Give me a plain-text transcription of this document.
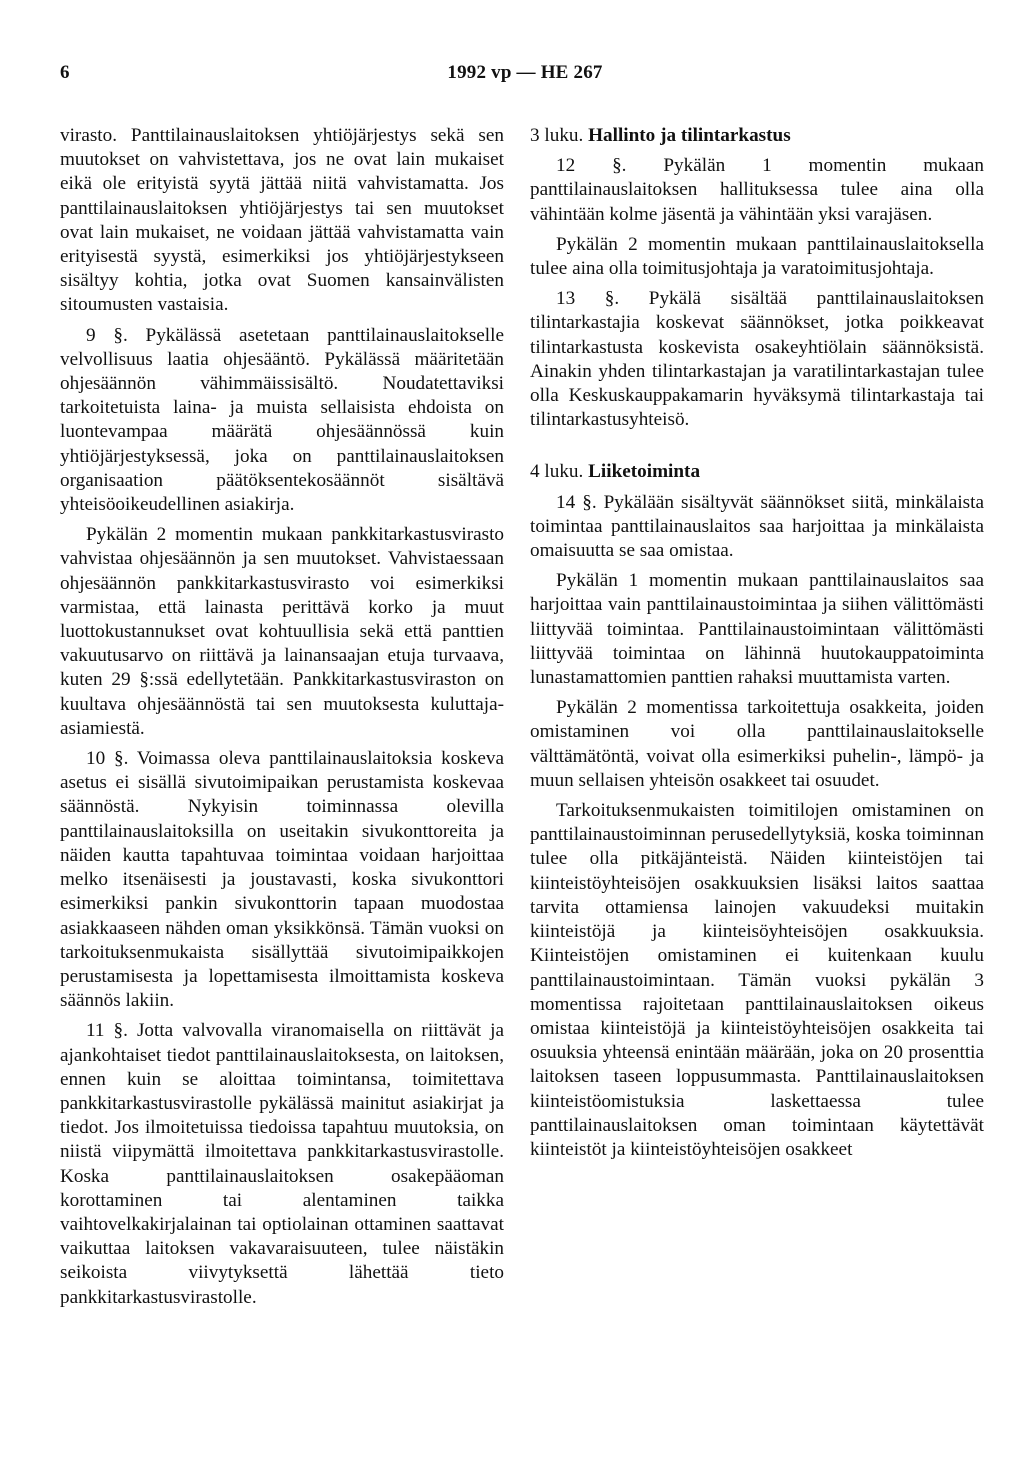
6	1992 vp — HE 267

virasto. Panttilainauslaitoksen yhtiöjärjestys sekä sen muutokset on vahvistettava, jos ne ovat lain mukaiset eikä ole erityistä syytä jättää niitä vahvistamatta. Jos panttilainauslaitoksen yhtiöjärjestys tai sen muutokset ovat lain mukaiset, ne voidaan jättää vahvistamatta vain erityisestä syystä, esimerkiksi jos yhtiöjärjestykseen sisältyy kohtia, jotka ovat Suomen kansainvälisten sitoumusten vastaisia.

9 §. Pykälässä asetetaan panttilainauslaitokselle velvollisuus laatia ohjesääntö. Pykälässä määritetään ohjesäännön vähimmäissisältö. Noudatettaviksi tarkoitetuista laina- ja muista sellaisista ehdoista on luontevampaa määrätä ohjesäännössä kuin yhtiöjärjestyksessä, joka on panttilainauslaitoksen organisaation päätöksentekosäännöt sisältävä yhteisöoikeudellinen asiakirja.

Pykälän 2 momentin mukaan pankkitarkastusvirasto vahvistaa ohjesäännön ja sen muutokset. Vahvistaessaan ohjesäännön pankkitarkastusvirasto voi esimerkiksi varmistaa, että lainasta perittävä korko ja muut luottokustannukset ovat kohtuullisia sekä että panttien vakuutusarvo on riittävä ja lainansaajan etuja turvaava, kuten 29 §:ssä edellytetään. Pankkitarkastusviraston on kuultava ohjesäännöstä tai sen muutoksesta kuluttaja-asiamiestä.

10 §. Voimassa oleva panttilainauslaitoksia koskeva asetus ei sisällä sivutoimipaikan perustamista koskevaa säännöstä. Nykyisin toiminnassa olevilla panttilainauslaitoksilla on useitakin sivukonttoreita ja näiden kautta tapahtuvaa toimintaa voidaan harjoittaa melko itsenäisesti ja joustavasti, koska sivukonttori esimerkiksi pankin sivukonttorin tapaan muodostaa asiakkaaseen nähden oman yksikkönsä. Tämän vuoksi on tarkoituksenmukaista sisällyttää sivutoimipaikkojen perustamisesta ja lopettamisesta ilmoittamista koskeva säännös lakiin.

11 §. Jotta valvovalla viranomaisella on riittävät ja ajankohtaiset tiedot panttilainauslaitoksesta, on laitoksen, ennen kuin se aloittaa toimintansa, toimitettava pankkitarkastusvirastolle pykälässä mainitut asiakirjat ja tiedot. Jos ilmoitetuissa tiedoissa tapahtuu muutoksia, on niistä viipymättä ilmoitettava pankkitarkastusvirastolle. Koska panttilainauslaitoksen osakepääoman korottaminen tai alentaminen taikka vaihtovelkakirjalainan tai optiolainan ottaminen saattavat vaikuttaa laitoksen vakavaraisuuteen, tulee näistäkin seikoista viivytyksettä lähettää tieto pankkitarkastusvirastolle.

3 luku. Hallinto ja tilintarkastus

12 §. Pykälän 1 momentin mukaan panttilainauslaitoksen hallituksessa tulee aina olla vähintään kolme jäsentä ja vähintään yksi varajäsen.

Pykälän 2 momentin mukaan panttilainauslaitoksella tulee aina olla toimitusjohtaja ja varatoimitusjohtaja.

13 §. Pykälä sisältää panttilainauslaitoksen tilintarkastajia koskevat säännökset, jotka poikkeavat tilintarkastusta koskevista osakeyhtiölain säännöksistä. Ainakin yhden tilintarkastajan ja varatilintarkastajan tulee olla Keskuskauppakamarin hyväksymä tilintarkastaja tai tilintarkastusyhteisö.

4 luku. Liiketoiminta

14 §. Pykälään sisältyvät säännökset siitä, minkälaista toimintaa panttilainauslaitos saa harjoittaa ja minkälaista omaisuutta se saa omistaa.

Pykälän 1 momentin mukaan panttilainauslaitos saa harjoittaa vain panttilainaustoimintaa ja siihen välittömästi liittyvää toimintaa. Panttilainaustoimintaan välittömästi liittyvää toimintaa on lähinnä huutokauppatoiminta lunastamattomien panttien rahaksi muuttamista varten.

Pykälän 2 momentissa tarkoitettuja osakkeita, joiden omistaminen voi olla panttilainauslaitokselle välttämätöntä, voivat olla esimerkiksi puhelin-, lämpö- ja muun sellaisen yhteisön osakkeet tai osuudet.

Tarkoituksenmukaisten toimitilojen omistaminen on panttilainaustoiminnan perusedellytyksiä, koska toiminnan tulee olla pitkäjänteistä. Näiden kiinteistöjen tai kiinteistöyhteisöjen osakkuuksien lisäksi laitos saattaa tarvita ottamiensa lainojen vakuudeksi muitakin kiinteistöjä ja kiinteisöyhteisöjen osakkuuksia. Kiinteistöjen omistaminen ei kuitenkaan kuulu panttilainaustoimintaan. Tämän vuoksi pykälän 3 momentissa rajoitetaan panttilainauslaitoksen oikeus omistaa kiinteistöjä ja kiinteistöyhteisöjen osakkeita tai osuuksia yhteensä enintään määrään, joka on 20 prosenttia laitoksen taseen loppusummasta. Panttilainauslaitoksen kiinteistöomistuksia laskettaessa tulee panttilainauslaitoksen oman toimintaan käytettävät kiinteistöt ja kiinteistöyhteisöjen osakkeet
